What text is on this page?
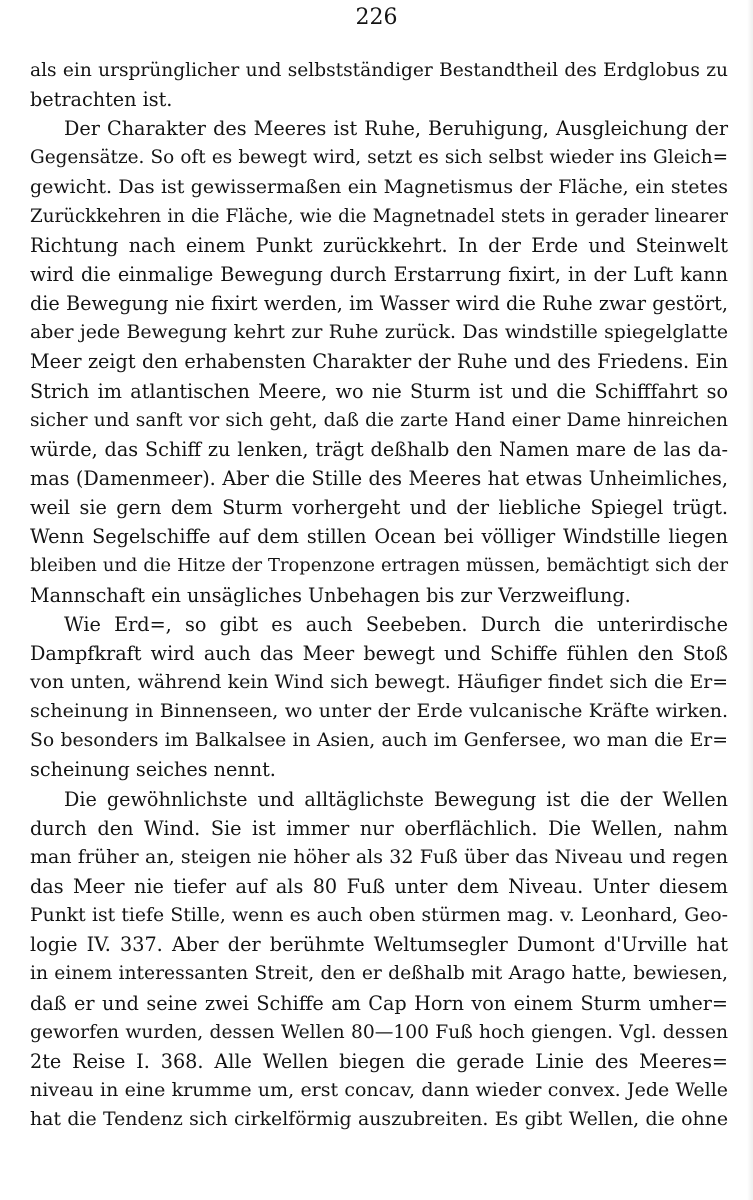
226
als ein ursprünglicher und selbstständiger Bestandtheil des Erdglobus zu
betrachten ist.
Der Charakter des Meeres ist Ruhe, Beruhigung, Ausgleichung der
Gegensätze. So oft es bewegt wird, setzt es sich selbst wieder ins Gleich=
gewicht. Das ist gewissermaßen ein Magnetismus der Fläche, ein stetes
Zurückkehren in die Fläche, wie die Magnetnadel stets in gerader linearer
Richtung nach einem Punkt zurückkehrt. In der Erde und Steinwelt
wird die einmalige Bewegung durch Erstarrung fixirt, in der Luft kann
die Bewegung nie fixirt werden, im Wasser wird die Ruhe zwar gestört,
aber jede Bewegung kehrt zur Ruhe zurück. Das windstille spiegelglatte
Meer zeigt den erhabensten Charakter der Ruhe und des Friedens. Ein
Strich im atlantischen Meere, wo nie Sturm ist und die Schifffahrt so
sicher und sanft vor sich geht, daß die zarte Hand einer Dame hinreichen
würde, das Schiff zu lenken, trägt deßhalb den Namen mare de las da-
mas (Damenmeer). Aber die Stille des Meeres hat etwas Unheimliches,
weil sie gern dem Sturm vorhergeht und der liebliche Spiegel trügt.
Wenn Segelschiffe auf dem stillen Ocean bei völliger Windstille liegen
bleiben und die Hitze der Tropenzone ertragen müssen, bemächtigt sich der
Mannschaft ein unsägliches Unbehagen bis zur Verzweiflung.
Wie Erd=, so gibt es auch Seebeben. Durch die unterirdische
Dampfkraft wird auch das Meer bewegt und Schiffe fühlen den Stoß
von unten, während kein Wind sich bewegt. Häufiger findet sich die Er=
scheinung in Binnenseen, wo unter der Erde vulcanische Kräfte wirken.
So besonders im Balkalsee in Asien, auch im Genfersee, wo man die Er=
scheinung seiches nennt.
Die gewöhnlichste und alltäglichste Bewegung ist die der Wellen
durch den Wind. Sie ist immer nur oberflächlich. Die Wellen, nahm
man früher an, steigen nie höher als 32 Fuß über das Niveau und regen
das Meer nie tiefer auf als 80 Fuß unter dem Niveau. Unter diesem
Punkt ist tiefe Stille, wenn es auch oben stürmen mag. v. Leonhard, Geo-
logie IV. 337. Aber der berühmte Weltumsegler Dumont d'Urville hat
in einem interessanten Streit, den er deßhalb mit Arago hatte, bewiesen,
daß er und seine zwei Schiffe am Cap Horn von einem Sturm umher=
geworfen wurden, dessen Wellen 80—100 Fuß hoch giengen. Vgl. dessen
2te Reise I. 368. Alle Wellen biegen die gerade Linie des Meeres=
niveau in eine krumme um, erst concav, dann wieder convex. Jede Welle
hat die Tendenz sich cirkelförmig auszubreiten. Es gibt Wellen, die ohne
